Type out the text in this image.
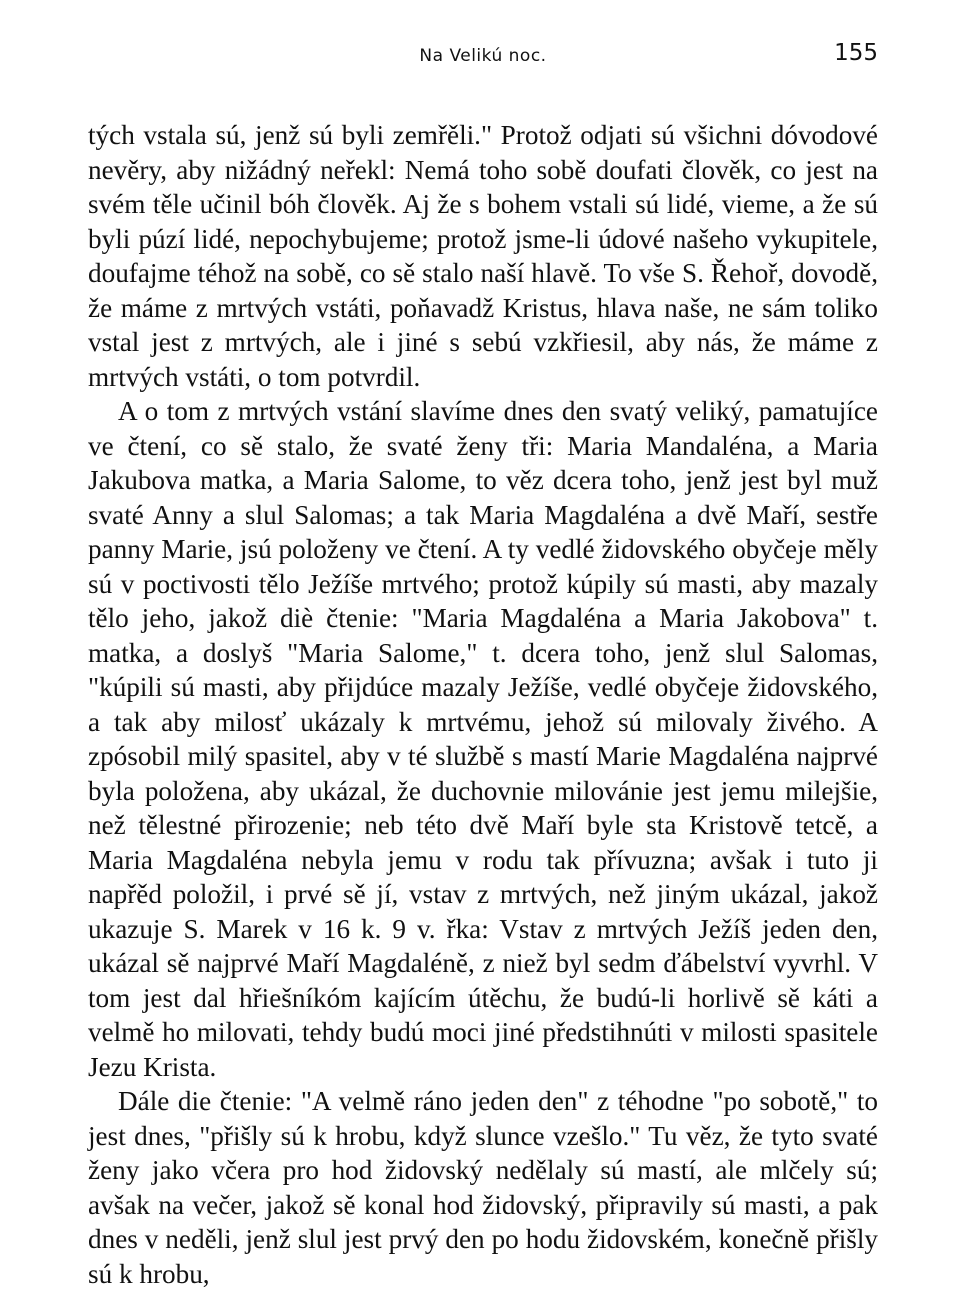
Na Velikú noc.	155

tých vstala sú, jenž sú byli zemřěli." Protož odjati sú všichni dóvodové nevěry, aby nižádný neřekl: Nemá toho sobě doufati člověk, co jest na svém těle učinil bóh člověk. Aj že s bohem vstali sú lidé, vieme, a že sú byli púzí lidé, nepochybujeme; protož jsme-li údové našeho vykupitele, doufajme téhož na sobě, co sě stalo naší hlavě. To vše S. Řehoř, dovodě, že máme z mrtvých vstáti, poňavadž Kristus, hlava naše, ne sám toliko vstal jest z mrtvých, ale i jiné s sebú vzkřiesil, aby nás, že máme z mrtvých vstáti, o tom potvrdil.

A o tom z mrtvých vstání slavíme dnes den svatý veliký, pamatujíce ve čtení, co sě stalo, že svaté ženy tři: Maria Mandaléna, a Maria Jakubova matka, a Maria Salome, to věz dcera toho, jenž jest byl muž svaté Anny a slul Salomas; a tak Maria Magdaléna a dvě Maří, sestře panny Marie, jsú položeny ve čtení. A ty vedlé židovského obyčeje měly sú v poctivosti tělo Ježíše mrtvého; protož kúpily sú masti, aby mazaly tělo jeho, jakož diè čtenie: "Maria Magdaléna a Maria Jakobova" t. matka, a doslyš "Maria Salome," t. dcera toho, jenž slul Salomas, "kúpili sú masti, aby přijdúce mazaly Ježíše, vedlé obyčeje židovského, a tak aby milosť ukázaly k mrtvému, jehož sú milovaly živého. A zpósobil milý spasitel, aby v té službě s mastí Marie Magdaléna najprvé byla položena, aby ukázal, že duchovnie milovánie jest jemu milejšie, než tělestné přirozenie; neb této dvě Maří byle sta Kristově tetcě, a Maria Magdaléna nebyla jemu v rodu tak přívuzna; avšak i tuto ji napřěd položil, i prvé sě jí, vstav z mrtvých, než jiným ukázal, jakož ukazuje S. Marek v 16 k. 9 v. řka: Vstav z mrtvých Ježíš jeden den, ukázal sě najprvé Maří Magdaléně, z niež byl sedm ďábelství vyvrhl. V tom jest dal hřiešníkóm kajícím útěchu, že budú-li horlivě sě káti a velmě ho milovati, tehdy budú moci jiné předstihnúti v milosti spasitele Jezu Krista.

Dále die čtenie: "A velmě ráno jeden den" z téhodne "po sobotě," to jest dnes, "přišly sú k hrobu, když slunce vzešlo." Tu věz, že tyto svaté ženy jako včera pro hod židovský nedělaly sú mastí, ale mlčely sú; avšak na večer, jakož sě konal hod židovský, připravily sú masti, a pak dnes v neděli, jenž slul jest prvý den po hodu židovském, konečně přišly sú k hrobu,
